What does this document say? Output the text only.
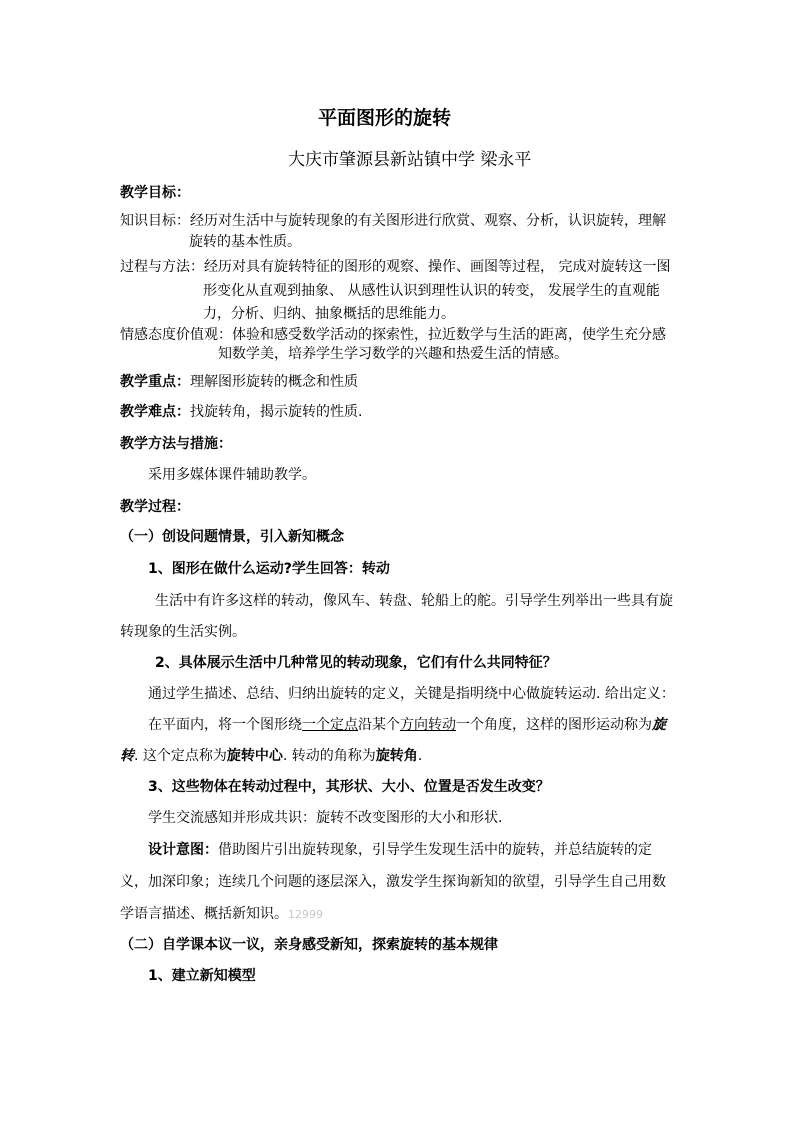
平面图形的旋转
大庆市肇源县新站镇中学 梁永平
教学目标：
知识目标：经历对生活中与旋转现象的有关图形进行欣赏、观察、分析，认识旋转，理解
旋转的基本性质。
过程与方法：经历对具有旋转特征的图形的观察、操作、画图等过程， 完成对旋转这一图
形变化从直观到抽象、 从感性认识到理性认识的转变， 发展学生的直观能
力，分析、归纳、抽象概括的思维能力。
情感态度价值观：体验和感受数学活动的探索性，拉近数学与生活的距离，使学生充分感
知数学美，培养学生学习数学的兴趣和热爱生活的情感。
教学重点：理解图形旋转的概念和性质
教学难点：找旋转角，揭示旋转的性质.
教学方法与措施：
采用多媒体课件辅助教学。
教学过程：
（一）创设问题情景，引入新知概念
1、图形在做什么运动?学生回答：转动
生活中有许多这样的转动，像风车、转盘、轮船上的舵。引导学生列举出一些具有旋
转现象的生活实例。
2、具体展示生活中几种常见的转动现象，它们有什么共同特征？
通过学生描述、总结、归纳出旋转的定义，关键是指明绕中心做旋转运动. 给出定义：
在平面内，将一个图形绕一个定点沿某个方向转动一个角度，这样的图形运动称为旋
转. 这个定点称为旋转中心. 转动的角称为旋转角.
3、这些物体在转动过程中，其形状、大小、位置是否发生改变？
学生交流感知并形成共识：旋转不改变图形的大小和形状.
设计意图：借助图片引出旋转现象，引导学生发现生活中的旋转，并总结旋转的定
义，加深印象；连续几个问题的逐层深入，激发学生探询新知的欲望，引导学生自己用数
学语言描述、概括新知识。12999
（二）自学课本议一议，亲身感受新知，探索旋转的基本规律
1、建立新知模型
